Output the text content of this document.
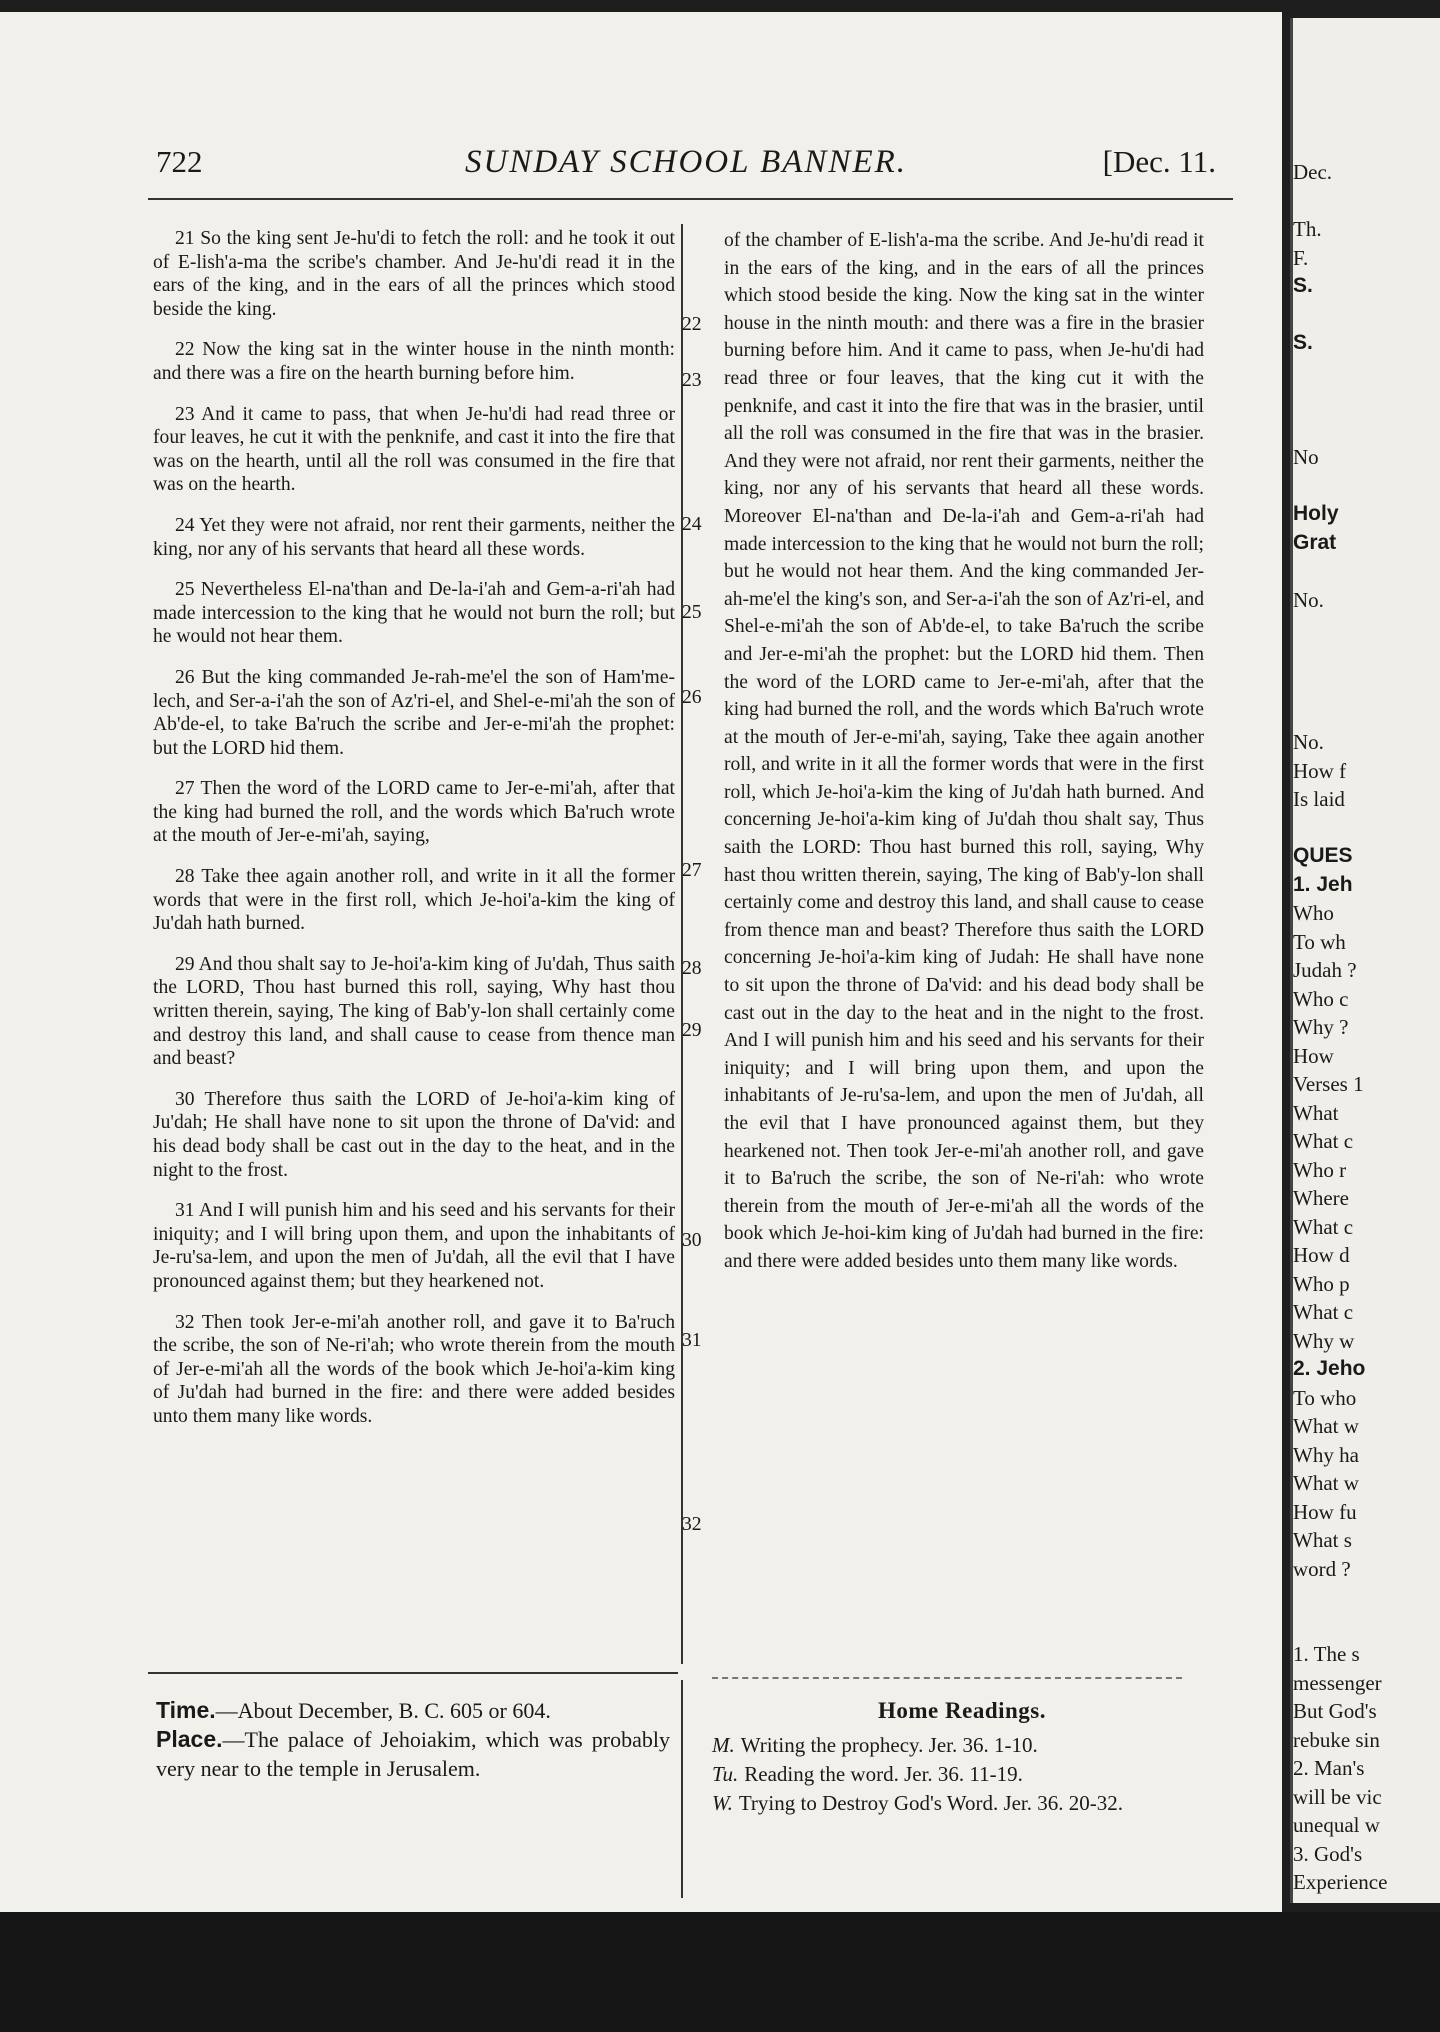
722	SUNDAY SCHOOL BANNER.	[Dec. 11.

21 So the king sent Je-hu'di to fetch the roll: and he took it out of E-lish'a-ma the scribe's chamber. And Je-hu'di read it in the ears of the king, and in the ears of all the princes which stood beside the king.

22 Now the king sat in the winter house in the ninth month: and there was a fire on the hearth burning before him.

23 And it came to pass, that when Je-hu'di had read three or four leaves, he cut it with the penknife, and cast it into the fire that was on the hearth, until all the roll was consumed in the fire that was on the hearth.

24 Yet they were not afraid, nor rent their garments, neither the king, nor any of his servants that heard all these words.

25 Nevertheless El-na'than and De-la-i'ah and Gem-a-ri'ah had made intercession to the king that he would not burn the roll; but he would not hear them.

26 But the king commanded Je-rah-me'el the son of Ham'me-lech, and Ser-a-i'ah the son of Az'ri-el, and Shel-e-mi'ah the son of Ab'de-el, to take Ba'ruch the scribe and Jer-e-mi'ah the prophet: but the LORD hid them.

27 Then the word of the LORD came to Jer-e-mi'ah, after that the king had burned the roll, and the words which Ba'ruch wrote at the mouth of Jer-e-mi'ah, saying,

28 Take thee again another roll, and write in it all the former words that were in the first roll, which Je-hoi'a-kim the king of Ju'dah hath burned.

29 And thou shalt say to Je-hoi'a-kim king of Ju'dah, Thus saith the LORD, Thou hast burned this roll, saying, Why hast thou written therein, saying, The king of Bab'y-lon shall certainly come and destroy this land, and shall cause to cease from thence man and beast?

30 Therefore thus saith the LORD of Je-hoi'a-kim king of Ju'dah; He shall have none to sit upon the throne of Da'vid: and his dead body shall be cast out in the day to the heat, and in the night to the frost.

31 And I will punish him and his seed and his servants for their iniquity; and I will bring upon them, and upon the inhabitants of Je-ru'sa-lem, and upon the men of Ju'dah, all the evil that I have pronounced against them; but they hearkened not.

32 Then took Jer-e-mi'ah another roll, and gave it to Ba'ruch the scribe, the son of Ne-ri'ah; who wrote therein from the mouth of Jer-e-mi'ah all the words of the book which Je-hoi'a-kim king of Ju'dah had burned in the fire: and there were added besides unto them many like words.

22
23
24
25
26
27
28
29
30
31
32

of the chamber of E-lish'a-ma the scribe. And Je-hu'di read it in the ears of the king, and in the ears of all the princes which stood beside the king. Now the king sat in the winter house in the ninth mouth: and there was a fire in the brasier burning before him. And it came to pass, when Je-hu'di had read three or four leaves, that the king cut it with the penknife, and cast it into the fire that was in the brasier, until all the roll was consumed in the fire that was in the brasier. And they were not afraid, nor rent their garments, neither the king, nor any of his servants that heard all these words. Moreover El-na'than and De-la-i'ah and Gem-a-ri'ah had made intercession to the king that he would not burn the roll; but he would not hear them. And the king commanded Jer-ah-me'el the king's son, and Ser-a-i'ah the son of Az'ri-el, and Shel-e-mi'ah the son of Ab'de-el, to take Ba'ruch the scribe and Jer-e-mi'ah the prophet: but the LORD hid them. Then the word of the LORD came to Jer-e-mi'ah, after that the king had burned the roll, and the words which Ba'ruch wrote at the mouth of Jer-e-mi'ah, saying, Take thee again another roll, and write in it all the former words that were in the first roll, which Je-hoi'a-kim the king of Ju'dah hath burned. And concerning Je-hoi'a-kim king of Ju'dah thou shalt say, Thus saith the LORD: Thou hast burned this roll, saying, Why hast thou written therein, saying, The king of Bab'y-lon shall certainly come and destroy this land, and shall cause to cease from thence man and beast? Therefore thus saith the LORD concerning Je-hoi'a-kim king of Judah: He shall have none to sit upon the throne of Da'vid: and his dead body shall be cast out in the day to the heat and in the night to the frost. And I will punish him and his seed and his servants for their iniquity; and I will bring upon them, and upon the inhabitants of Je-ru'sa-lem, and upon the men of Ju'dah, all the evil that I have pronounced against them, but they hearkened not. Then took Jer-e-mi'ah another roll, and gave it to Ba'ruch the scribe, the son of Ne-ri'ah: who wrote therein from the mouth of Jer-e-mi'ah all the words of the book which Je-hoi-kim king of Ju'dah had burned in the fire: and there were added besides unto them many like words.

Time.—About December, B. C. 605 or 604.
Place.—The palace of Jehoiakim, which was probably very near to the temple in Jerusalem.
Home Readings.
M. Writing the prophecy. Jer. 36. 1-10.
Tu. Reading the word. Jer. 36. 11-19.
W. Trying to Destroy God's Word. Jer. 36. 20-32.
Dec.
Th.
F.
S.
S.
No
Holy
Grat
No.
No.
How f
Is laid
QUES
1. Jeh
Who
To wh
Judah ?
Who c
Why ?
How
Verses 1
What
What c
Who r
Where
What c
How d
Who p
What c
Why w
2. Jeho
To who
What w
Why ha
What w
How fu
What s
word ?
1. The s
messenger
But God's
rebuke sin
2. Man's
will be vic
unequal w
3. God's
Experience
